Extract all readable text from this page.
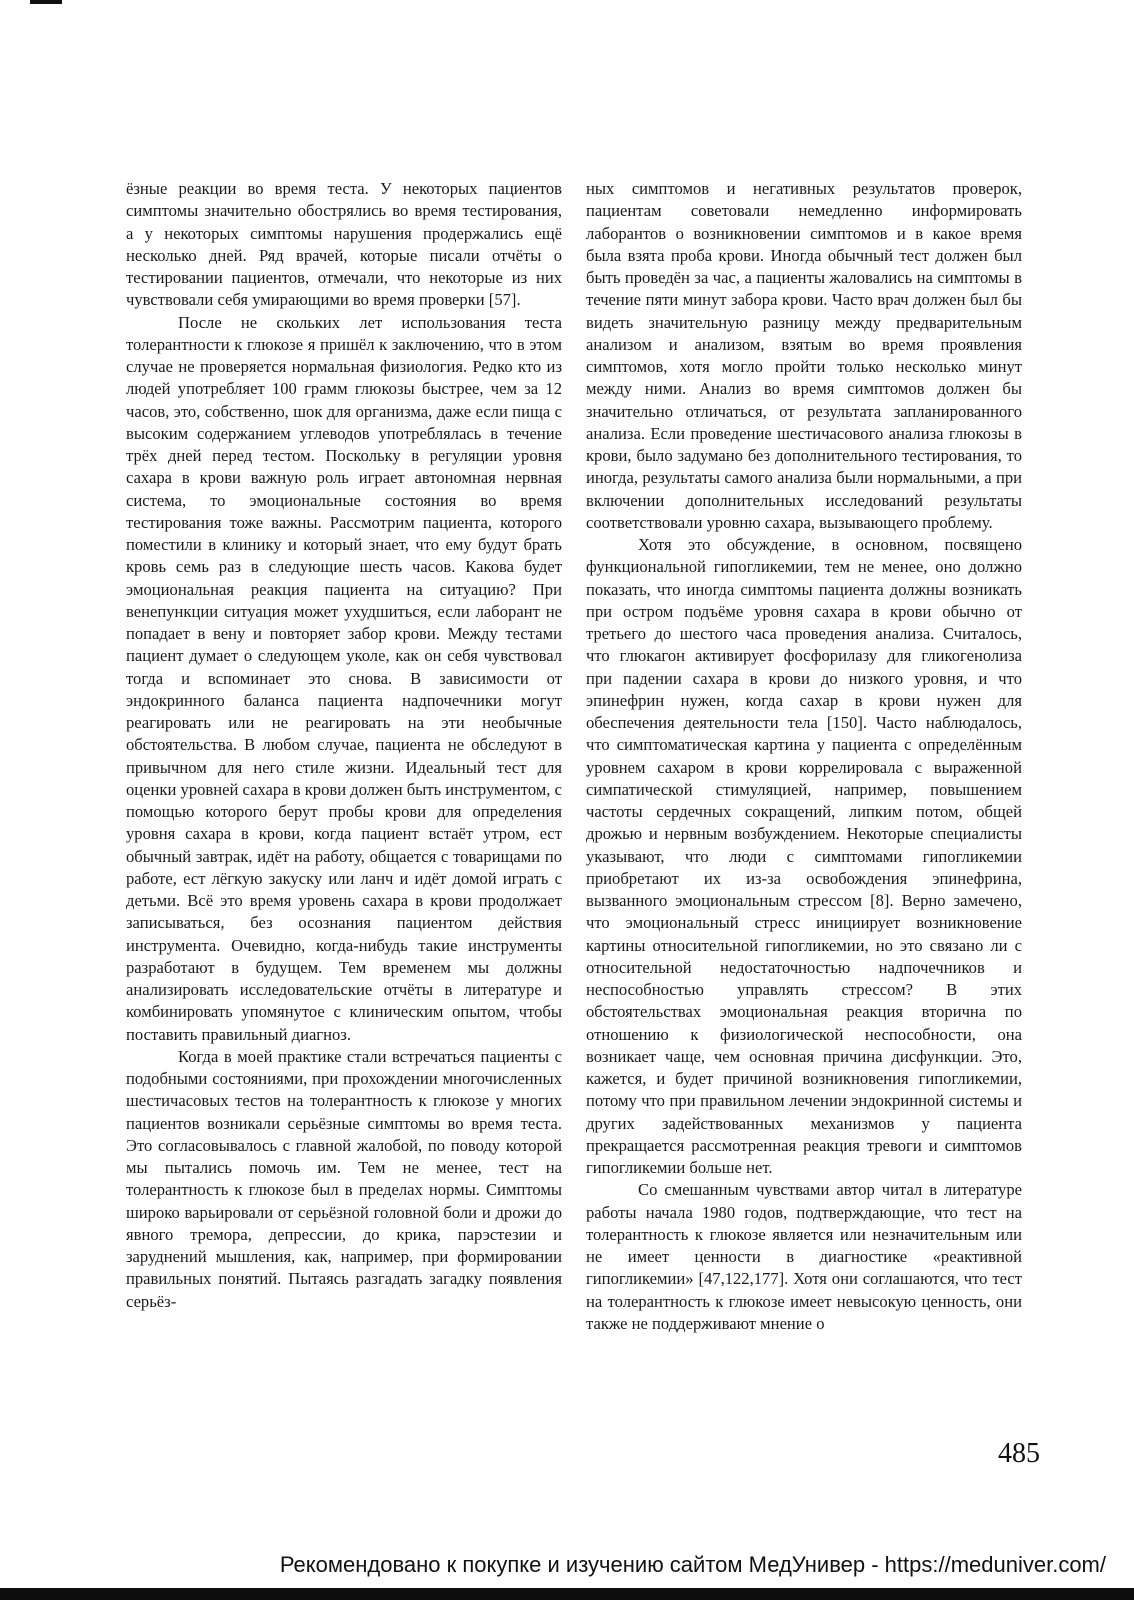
ёзные реакции во время теста. У некоторых пациентов симптомы значительно обострялись во время тестирования, а у некоторых симптомы нарушения продержались ещё несколько дней. Ряд врачей, которые писали отчёты о тестировании пациентов, отмечали, что некоторые из них чувствовали себя умирающими во время проверки [57].

После не скольких лет использования теста толерантности к глюкозе я пришёл к заключению, что в этом случае не проверяется нормальная физиология. Редко кто из людей употребляет 100 грамм глюкозы быстрее, чем за 12 часов, это, собственно, шок для организма, даже если пища с высоким содержанием углеводов употреблялась в течение трёх дней перед тестом. Поскольку в регуляции уровня сахара в крови важную роль играет автономная нервная система, то эмоциональные состояния во время тестирования тоже важны. Рассмотрим пациента, которого поместили в клинику и который знает, что ему будут брать кровь семь раз в следующие шесть часов. Какова будет эмоциональная реакция пациента на ситуацию? При венепункции ситуация может ухудшиться, если лаборант не попадает в вену и повторяет забор крови. Между тестами пациент думает о следующем уколе, как он себя чувствовал тогда и вспоминает это снова. В зависимости от эндокринного баланса пациента надпочечники могут реагировать или не реагировать на эти необычные обстоятельства. В любом случае, пациента не обследуют в привычном для него стиле жизни. Идеальный тест для оценки уровней сахара в крови должен быть инструментом, с помощью которого берут пробы крови для определения уровня сахара в крови, когда пациент встаёт утром, ест обычный завтрак, идёт на работу, общается с товарищами по работе, ест лёгкую закуску или ланч и идёт домой играть с детьми. Всё это время уровень сахара в крови продолжает записываться, без осознания пациентом действия инструмента. Очевидно, когда-нибудь такие инструменты разработают в будущем. Тем временем мы должны анализировать исследовательские отчёты в литературе и комбинировать упомянутое с клиническим опытом, чтобы поставить правильный диагноз.

Когда в моей практике стали встречаться пациенты с подобными состояниями, при прохождении многочисленных шестичасовых тестов на толерантность к глюкозе у многих пациентов возникали серьёзные симптомы во время теста. Это согласовывалось с главной жалобой, по поводу которой мы пытались помочь им. Тем не менее, тест на толерантность к глюкозе был в пределах нормы. Симптомы широко варьировали от серьёзной головной боли и дрожи до явного тремора, депрессии, до крика, парэстезии и заруднений мышления, как, например, при формировании правильных понятий. Пытаясь разгадать загадку появления серьёз-

ных симптомов и негативных результатов проверок, пациентам советовали немедленно информировать лаборантов о возникновении симптомов и в какое время была взята проба крови. Иногда обычный тест должен был быть проведён за час, а пациенты жаловались на симптомы в течение пяти минут забора крови. Часто врач должен был бы видеть значительную разницу между предварительным анализом и анализом, взятым во время проявления симптомов, хотя могло пройти только несколько минут между ними. Анализ во время симптомов должен бы значительно отличаться, от результата запланированного анализа. Если проведение шестичасового анализа глюкозы в крови, было задумано без дополнительного тестирования, то иногда, результаты самого анализа были нормальными, а при включении дополнительных исследований результаты соответствовали уровню сахара, вызывающего проблему.

Хотя это обсуждение, в основном, посвящено функциональной гипогликемии, тем не менее, оно должно показать, что иногда симптомы пациента должны возникать при остром подъёме уровня сахара в крови обычно от третьего до шестого часа проведения анализа. Считалось, что глюкагон активирует фосфорилазу для гликогенолиза при падении сахара в крови до низкого уровня, и что эпинефрин нужен, когда сахар в крови нужен для обеспечения деятельности тела [150]. Часто наблюдалось, что симптоматическая картина у пациента с определённым уровнем сахаром в крови коррелировала с выраженной симпатической стимуляцией, например, повышением частоты сердечных сокращений, липким потом, общей дрожью и нервным возбуждением. Некоторые специалисты указывают, что люди с симптомами гипогликемии приобретают их из-за освобождения эпинефрина, вызванного эмоциональным стрессом [8]. Верно замечено, что эмоциональный стресс инициирует возникновение картины относительной гипогликемии, но это связано ли с относительной недостаточностью надпочечников и неспособностью управлять стрессом? В этих обстоятельствах эмоциональная реакция вторична по отношению к физиологической неспособности, она возникает чаще, чем основная причина дисфункции. Это, кажется, и будет причиной возникновения гипогликемии, потому что при правильном лечении эндокринной системы и других задействованных механизмов у пациента прекращается рассмотренная реакция тревоги и симптомов гипогликемии больше нет.

Со смешанным чувствами автор читал в литературе работы начала 1980 годов, подтверждающие, что тест на толерантность к глюкозе является или незначительным или не имеет ценности в диагностике «реактивной гипогликемии» [47,122,177]. Хотя они соглашаются, что тест на толерантность к глюкозе имеет невысокую ценность, они также не поддерживают мнение о

485
Рекомендовано к покупке и изучению сайтом МедУнивер - https://meduniver.com/
